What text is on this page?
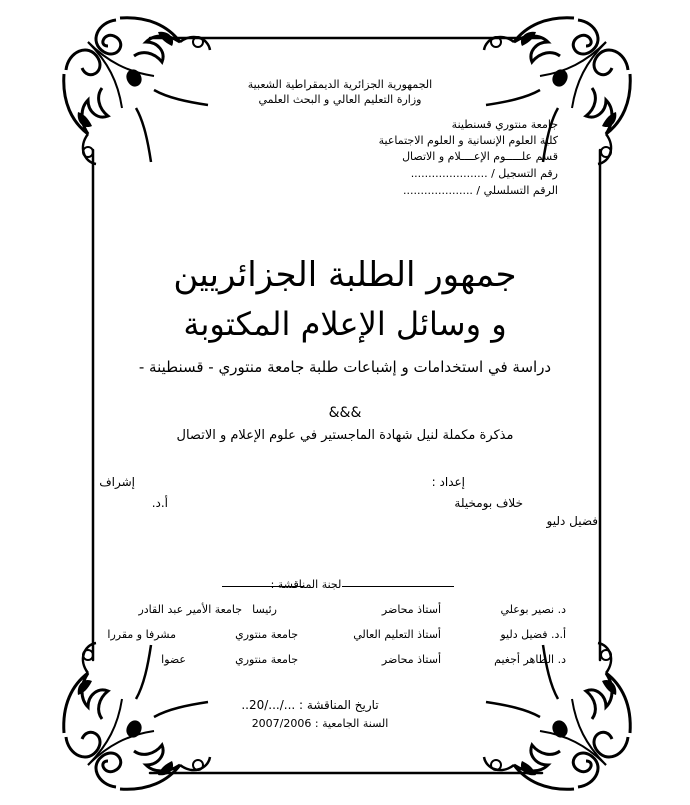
الجمهورية الجزائرية الديمقراطية الشعبية
وزارة التعليم العالي و البحث العلمي
جامعة منتوري قسنطينة
كلية العلوم الإنسانية و العلوم الاجتماعية
قسم علـــــوم الإعــــلام و الاتصال
رقم التسجيل / ......................
الرقم التسلسلي / ....................
جمهور الطلبة الجزائريين
و وسائل الإعلام المكتوبة
دراسة في استخدامات و إشباعات طلبة جامعة منتوري - قسنطينة -
&&&
مذكرة مكملة لنيل شهادة الماجستير في علوم الإعلام و الاتصال
إعداد :
خلاف بومخيلة
إشراف :
أ.د.
فضيل دليو
لجنة المناقشة :
د. نصير بوعلي
أستاذ محاضر
رئيسا
جامعة الأمير عبد القادر
أ.د. فضيل دليو
أستاذ التعليم العالي
جامعة منتوري
مشرفا و مقررا
د. الطاهر أجغيم
أستاذ محاضر
جامعة منتوري
عضوا
تاريخ المناقشة : .../.../20..
السنة الجامعية : 2007/2006
